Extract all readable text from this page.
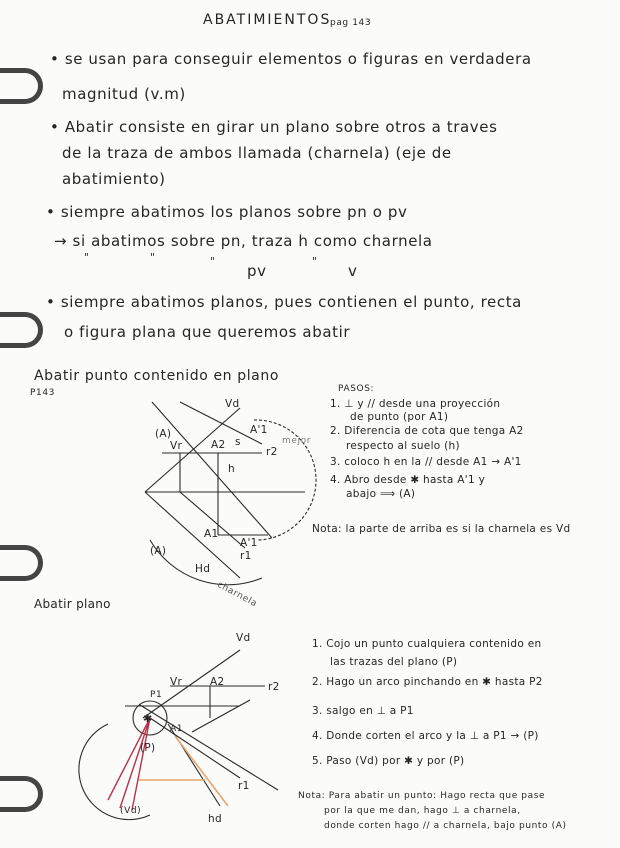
ABATIMIENTOS
pag 143
• se usan para conseguir elementos o figuras en verdadera
magnitud (v.m)
• Abatir consiste en girar un plano sobre otros a traves
de la traza de ambos llamada (charnela) (eje de
abatimiento)
• siempre abatimos los planos sobre pn o pv
→ si abatimos sobre pn, traza h como charnela
"	"	" pv	" v
• siempre abatimos planos, pues contienen el punto, recta
o figura plana que queremos abatir
Abatir punto contenido en plano
P143
✱
Vd
(A)	A'1
Vr	A2 s
r2
mejor
h
A1
A'1
r1
(A)
Hd
charnela
PASOS:
1. ⊥ y // desde una proyección
de punto (por A1)
2. Diferencia de cota que tenga A2
respecto al suelo (h)
3. coloco h en la // desde A1 → A'1
4. Abro desde ✱ hasta A'1 y
abajo ⟹ (A)
Nota: la parte de arriba es si la charnela es Vd
Abatir plano
Vd
Vr	A2	r2
P1
(P)
A1
r1
hd
(Vd)
1. Cojo un punto cualquiera contenido en
las trazas del plano (P)
2. Hago un arco pinchando en ✱ hasta P2
3. salgo en ⊥ a P1
4. Donde corten el arco y la ⊥ a P1 → (P)
5. Paso (Vd) por ✱ y por (P)
Nota: Para abatir un punto: Hago recta que pase
por la que me dan, hago ⊥ a charnela,
donde corten hago // a charnela, bajo punto (A)
